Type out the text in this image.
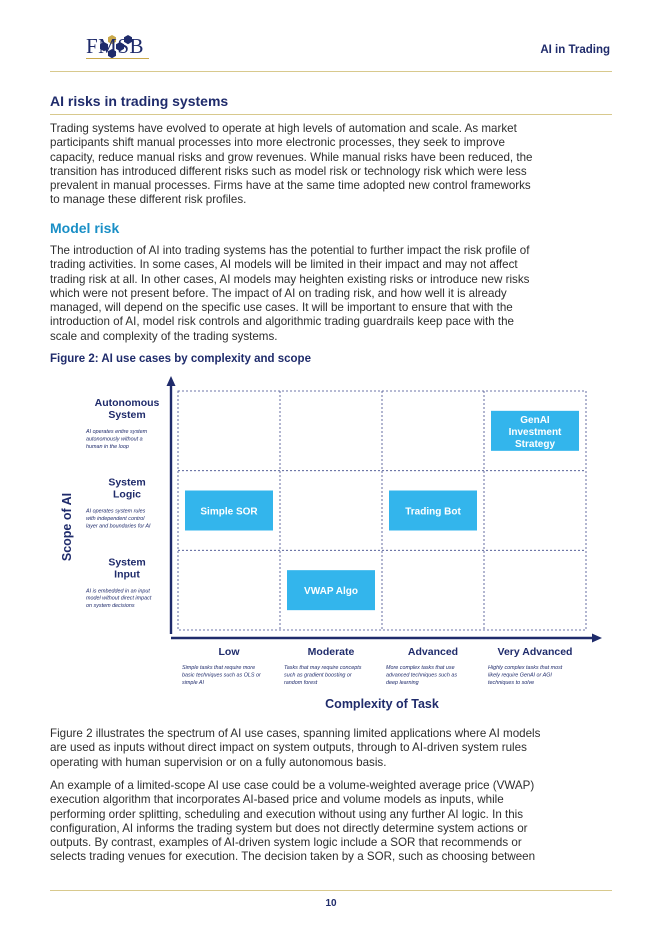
FMSB	AI in Trading
AI risks in trading systems
Trading systems have evolved to operate at high levels of automation and scale. As market
participants shift manual processes into more electronic processes, they seek to improve
capacity, reduce manual risks and grow revenues. While manual risks have been reduced, the
transition has introduced different risks such as model risk or technology risk which were less
prevalent in manual processes. Firms have at the same time adopted new control frameworks
to manage these different risk profiles.
Model risk
The introduction of AI into trading systems has the potential to further impact the risk profile of
trading activities. In some cases, AI models will be limited in their impact and may not affect
trading risk at all. In other cases, AI models may heighten existing risks or introduce new risks
which were not present before. The impact of AI on trading risk, and how well it is already
managed, will depend on the specific use cases. It will be important to ensure that with the
introduction of AI, model risk controls and algorithmic trading guardrails keep pace with the
scale and complexity of the trading systems.
Figure 2: AI use cases by complexity and scope
Scope of AI
Autonomous
System
AI operates entire system
autonomously without a
human in the loop
System
Logic
AI operates system rules
with independent control
layer and boundaries for AI
System
Input
AI is embedded in an input
model without direct impact
on system decisions
Low
Simple tasks that require more
basic techniques such as OLS or
simple AI
Moderate
Tasks that may require concepts
such as gradient boosting or
random forest
Advanced
More complex tasks that use
advanced techniques such as
deep learning
Very Advanced
Highly complex tasks that most
likely require GenAI or AGI
techniques to solve
Complexity of Task
GenAI
Investment
Strategy
Simple SOR	Trading Bot
VWAP Algo
Figure 2 illustrates the spectrum of AI use cases, spanning limited applications where AI models
are used as inputs without direct impact on system outputs, through to AI-driven system rules
operating with human supervision or on a fully autonomous basis.
An example of a limited-scope AI use case could be a volume-weighted average price (VWAP)
execution algorithm that incorporates AI-based price and volume models as inputs, while
performing order splitting, scheduling and execution without using any further AI logic. In this
configuration, AI informs the trading system but does not directly determine system actions or
outputs. By contrast, examples of AI-driven system logic include a SOR that recommends or
selects trading venues for execution. The decision taken by a SOR, such as choosing between
10
